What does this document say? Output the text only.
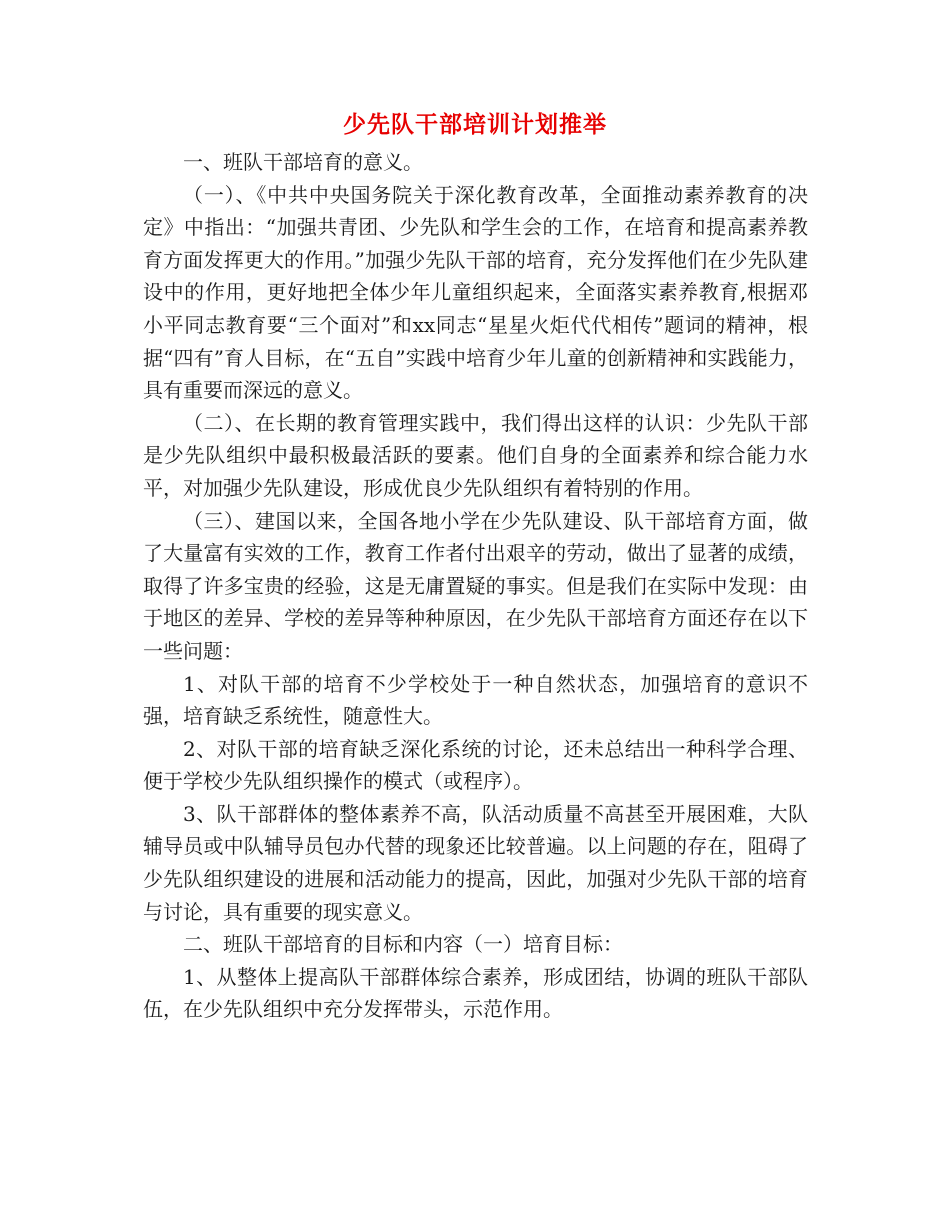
少先队干部培训计划推举

一、班队干部培育的意义。

（一）、《中共中央国务院关于深化教育改革，全面推动素养教育的决定》中指出：“加强共青团、少先队和学生会的工作，在培育和提高素养教育方面发挥更大的作用。”加强少先队干部的培育，充分发挥他们在少先队建设中的作用，更好地把全体少年儿童组织起来，全面落实素养教育,根据邓小平同志教育要“三个面对”和xx同志“星星火炬代代相传”题词的精神，根据“四有”育人目标，在“五自”实践中培育少年儿童的创新精神和实践能力，具有重要而深远的意义。

（二）、在长期的教育管理实践中，我们得出这样的认识：少先队干部是少先队组织中最积极最活跃的要素。他们自身的全面素养和综合能力水平，对加强少先队建设，形成优良少先队组织有着特别的作用。

（三）、建国以来，全国各地小学在少先队建设、队干部培育方面，做了大量富有实效的工作，教育工作者付出艰辛的劳动，做出了显著的成绩，取得了许多宝贵的经验，这是无庸置疑的事实。但是我们在实际中发现：由于地区的差异、学校的差异等种种原因，在少先队干部培育方面还存在以下一些问题：

1、对队干部的培育不少学校处于一种自然状态，加强培育的意识不强，培育缺乏系统性，随意性大。

2、对队干部的培育缺乏深化系统的讨论，还未总结出一种科学合理、便于学校少先队组织操作的模式（或程序）。

3、队干部群体的整体素养不高，队活动质量不高甚至开展困难，大队辅导员或中队辅导员包办代替的现象还比较普遍。以上问题的存在，阻碍了少先队组织建设的进展和活动能力的提高，因此，加强对少先队干部的培育与讨论，具有重要的现实意义。

二、班队干部培育的目标和内容（一）培育目标：

1、从整体上提高队干部群体综合素养，形成团结，协调的班队干部队伍，在少先队组织中充分发挥带头，示范作用。
